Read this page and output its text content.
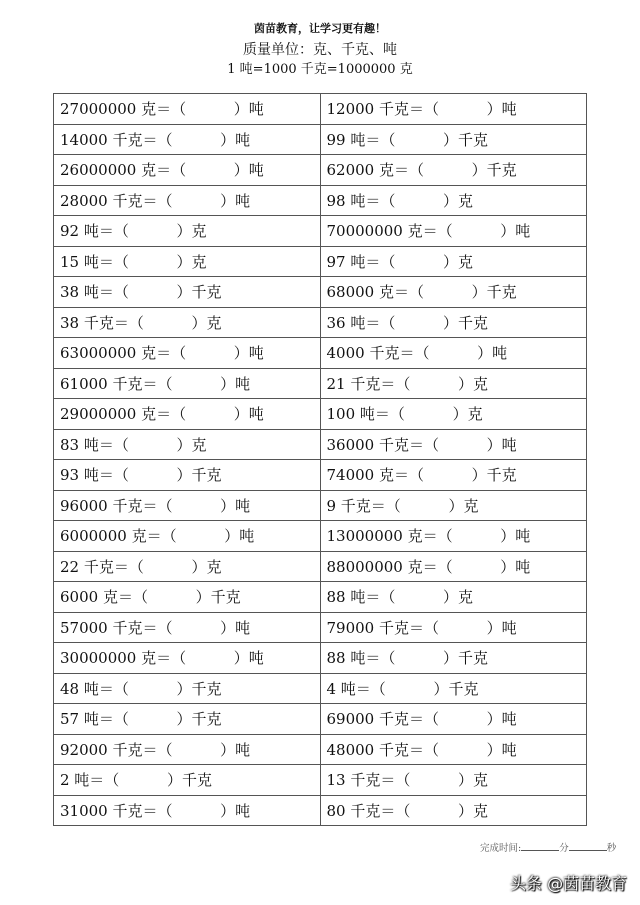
茵苗教育，让学习更有趣！
质量单位：克、千克、吨
1 吨=1000 千克=1000000 克
27000000 克＝（          ）吨	12000 千克＝（          ）吨
14000 千克＝（          ）吨	99 吨＝（          ）千克
26000000 克＝（          ）吨	62000 克＝（          ）千克
28000 千克＝（          ）吨	98 吨＝（          ）克
92 吨＝（          ）克	70000000 克＝（          ）吨
15 吨＝（          ）克	97 吨＝（          ）克
38 吨＝（          ）千克	68000 克＝（          ）千克
38 千克＝（          ）克	36 吨＝（          ）千克
63000000 克＝（          ）吨	4000 千克＝（          ）吨
61000 千克＝（          ）吨	21 千克＝（          ）克
29000000 克＝（          ）吨	100 吨＝（          ）克
83 吨＝（          ）克	36000 千克＝（          ）吨
93 吨＝（          ）千克	74000 克＝（          ）千克
96000 千克＝（          ）吨	9 千克＝（          ）克
6000000 克＝（          ）吨	13000000 克＝（          ）吨
22 千克＝（          ）克	88000000 克＝（          ）吨
6000 克＝（          ）千克	88 吨＝（          ）克
57000 千克＝（          ）吨	79000 千克＝（          ）吨
30000000 克＝（          ）吨	88 吨＝（          ）千克
48 吨＝（          ）千克	4 吨＝（          ）千克
57 吨＝（          ）千克	69000 千克＝（          ）吨
92000 千克＝（          ）吨	48000 千克＝（          ）吨
2 吨＝（          ）千克	13 千克＝（          ）克
31000 千克＝（          ）吨	80 千克＝（          ）克
完成时间:	分	秒
头条 @茵苗教育
